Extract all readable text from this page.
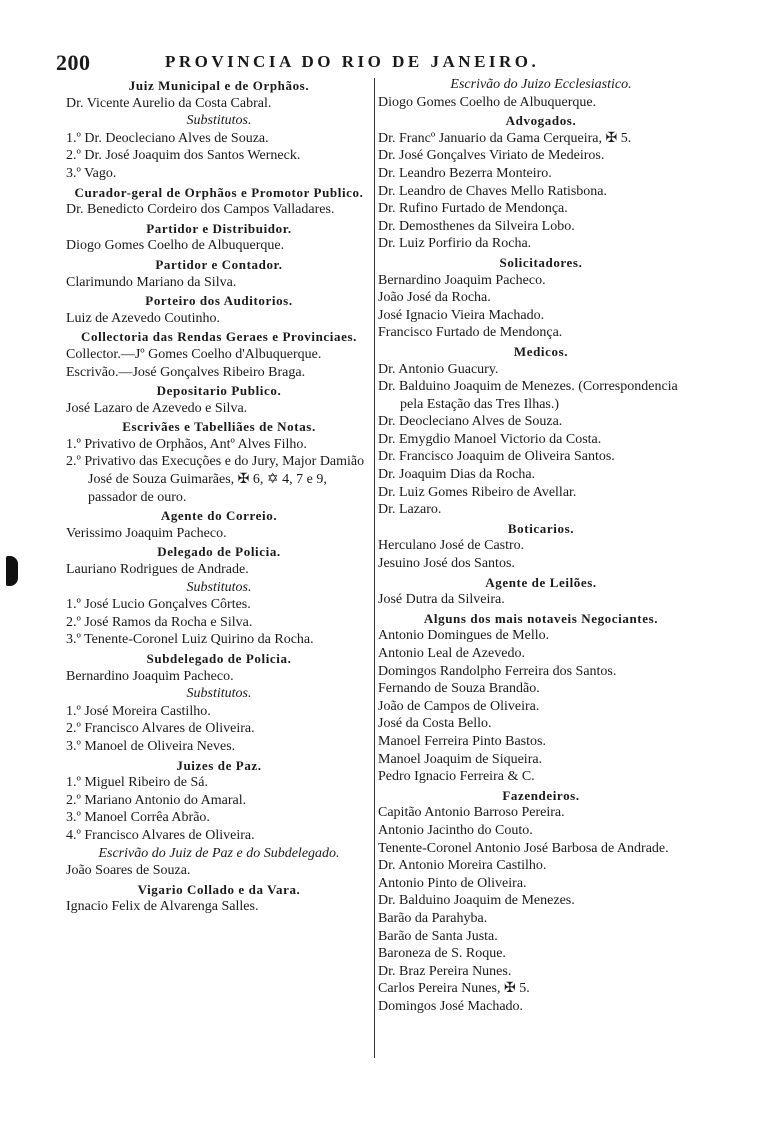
200	PROVINCIA DO RIO DE JANEIRO.
Juiz Municipal e de Orphãos.
Dr. Vicente Aurelio da Costa Cabral.
Substitutos.
1.º Dr. Deocleciano Alves de Souza.
2.º Dr. José Joaquim dos Santos Werneck.
3.º Vago.
Curador-geral de Orphãos e Promotor Publico.
Dr. Benedicto Cordeiro dos Campos Valladares.
Partidor e Distribuidor.
Diogo Gomes Coelho de Albuquerque.
Partidor e Contador.
Clarimundo Mariano da Silva.
Porteiro dos Auditorios.
Luiz de Azevedo Coutinho.
Collectoria das Rendas Geraes e Provinciaes.
Collector.—Jº Gomes Coelho d'Albuquerque.
Escrivão.—José Gonçalves Ribeiro Braga.
Depositario Publico.
José Lazaro de Azevedo e Silva.
Escrivães e Tabelliães de Notas.
1.º Privativo de Orphãos, Antº Alves Filho.
2.º Privativo das Execuções e do Jury, Major Damião José de Souza Guimarães, ✠ 6, ✡ 4, 7 e 9, passador de ouro.
Agente do Correio.
Verissimo Joaquim Pacheco.
Delegado de Policia.
Lauriano Rodrigues de Andrade.
Substitutos.
1.º José Lucio Gonçalves Côrtes.
2.º José Ramos da Rocha e Silva.
3.º Tenente-Coronel Luiz Quirino da Rocha.
Subdelegado de Policia.
Bernardino Joaquim Pacheco.
Substitutos.
1.º José Moreira Castilho.
2.º Francisco Alvares de Oliveira.
3.º Manoel de Oliveira Neves.
Juizes de Paz.
1.º Miguel Ribeiro de Sá.
2.º Mariano Antonio do Amaral.
3.º Manoel Corrêa Abrão.
4.º Francisco Alvares de Oliveira.
Escrivão do Juiz de Paz e do Subdelegado.
João Soares de Souza.
Vigario Collado e da Vara.
Ignacio Felix de Alvarenga Salles.
Escrivão do Juizo Ecclesiastico.
Diogo Gomes Coelho de Albuquerque.
Advogados.
Dr. Francº Januario da Gama Cerqueira, ✠ 5.
Dr. José Gonçalves Viriato de Medeiros.
Dr. Leandro Bezerra Monteiro.
Dr. Leandro de Chaves Mello Ratisbona.
Dr. Rufino Furtado de Mendonça.
Dr. Demosthenes da Silveira Lobo.
Dr. Luiz Porfirio da Rocha.
Solicitadores.
Bernardino Joaquim Pacheco.
João José da Rocha.
José Ignacio Vieira Machado.
Francisco Furtado de Mendonça.
Medicos.
Dr. Antonio Guacury.
Dr. Balduino Joaquim de Menezes. (Correspondencia pela Estação das Tres Ilhas.)
Dr. Deocleciano Alves de Souza.
Dr. Emygdio Manoel Victorio da Costa.
Dr. Francisco Joaquim de Oliveira Santos.
Dr. Joaquim Dias da Rocha.
Dr. Luiz Gomes Ribeiro de Avellar.
Dr. Lazaro.
Boticarios.
Herculano José de Castro.
Jesuino José dos Santos.
Agente de Leilões.
José Dutra da Silveira.
Alguns dos mais notaveis Negociantes.
Antonio Domingues de Mello.
Antonio Leal de Azevedo.
Domingos Randolpho Ferreira dos Santos.
Fernando de Souza Brandão.
João de Campos de Oliveira.
José da Costa Bello.
Manoel Ferreira Pinto Bastos.
Manoel Joaquim de Siqueira.
Pedro Ignacio Ferreira & C.
Fazendeiros.
Capitão Antonio Barroso Pereira.
Antonio Jacintho do Couto.
Tenente-Coronel Antonio José Barbosa de Andrade.
Dr. Antonio Moreira Castilho.
Antonio Pinto de Oliveira.
Dr. Balduino Joaquim de Menezes.
Barão da Parahyba.
Barão de Santa Justa.
Baroneza de S. Roque.
Dr. Braz Pereira Nunes.
Carlos Pereira Nunes, ✠ 5.
Domingos José Machado.
